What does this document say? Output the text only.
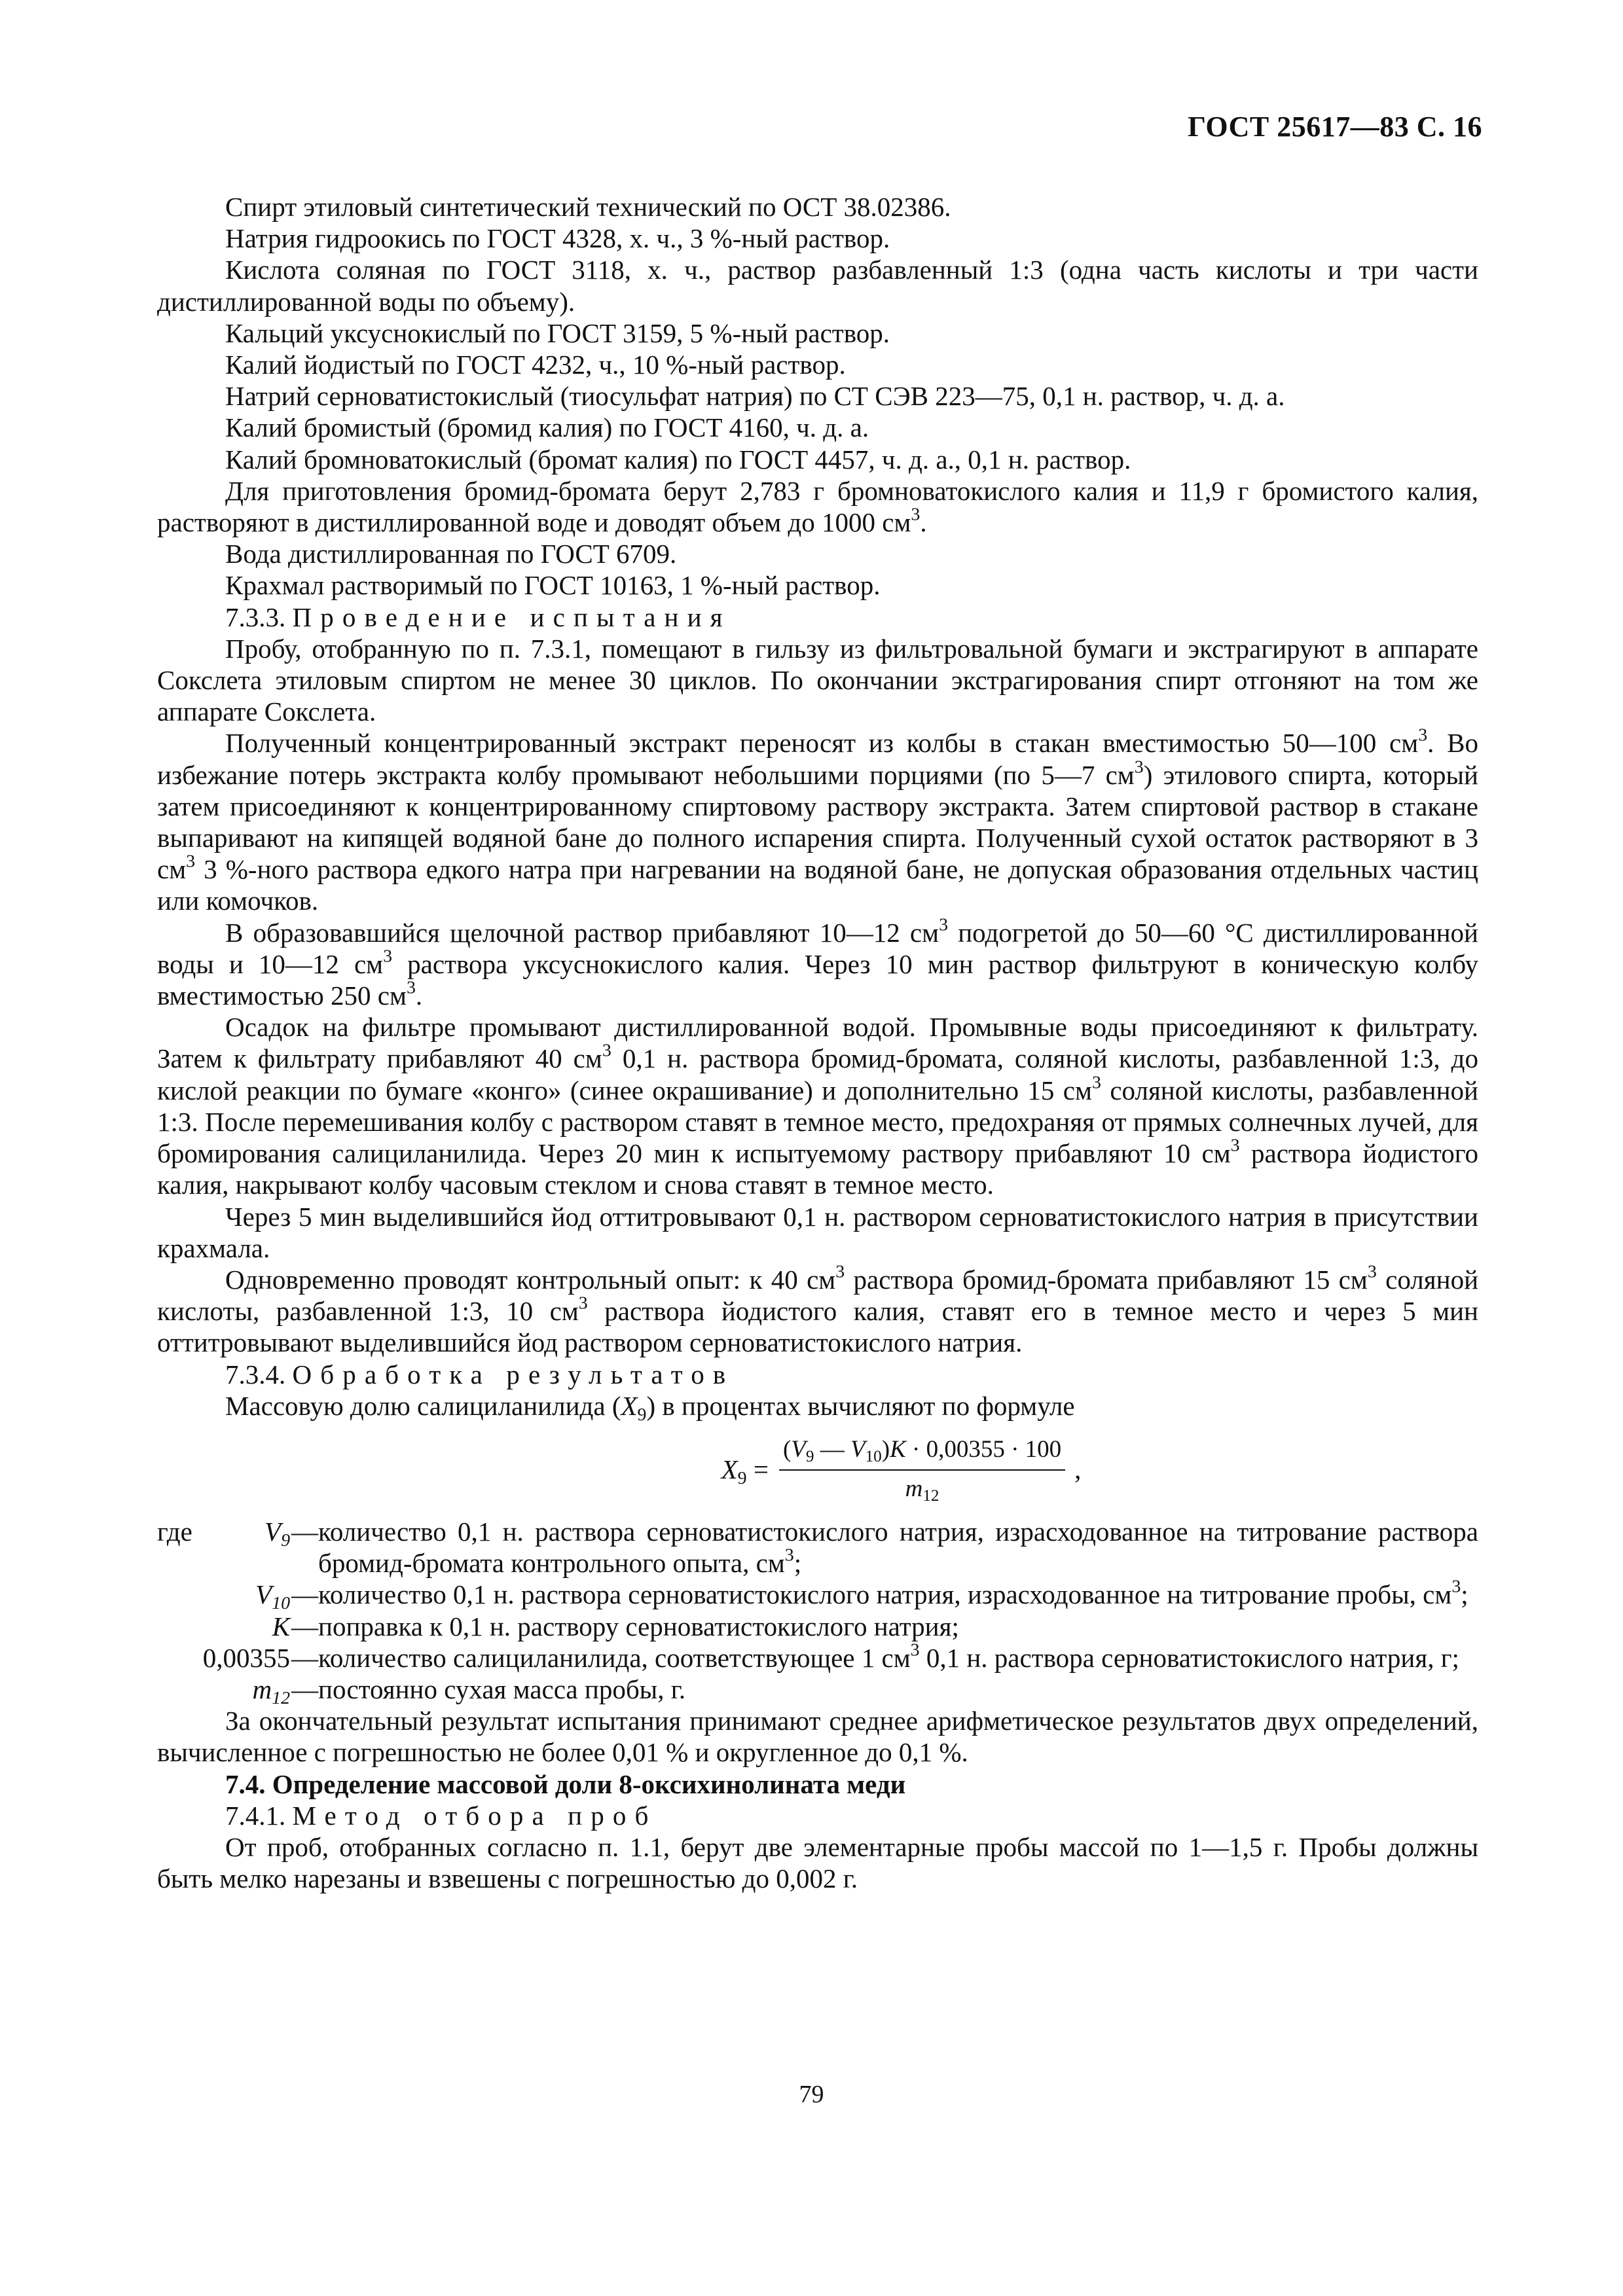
ГОСТ 25617—83 С. 16

Спирт этиловый синтетический технический по ОСТ 38.02386.

Натрия гидроокись по ГОСТ 4328, х. ч., 3 %-ный раствор.

Кислота соляная по ГОСТ 3118, х. ч., раствор разбавленный 1:3 (одна часть кислоты и три части дистиллированной воды по объему).

Кальций уксуснокислый по ГОСТ 3159, 5 %-ный раствор.

Калий йодистый по ГОСТ 4232, ч., 10 %-ный раствор.

Натрий серноватистокислый (тиосульфат натрия) по СТ СЭВ 223—75, 0,1 н. раствор, ч. д. а.

Калий бромистый (бромид калия) по ГОСТ 4160, ч. д. а.

Калий бромноватокислый (бромат калия) по ГОСТ 4457, ч. д. а., 0,1 н. раствор.

Для приготовления бромид-бромата берут 2,783 г бромноватокислого калия и 11,9 г бромистого калия, растворяют в дистиллированной воде и доводят объем до 1000 $см^3$.

Вода дистиллированная по ГОСТ 6709.

Крахмал растворимый по ГОСТ 10163, 1 %-ный раствор.

7.3.3. Проведение испытания

Пробу, отобранную по п. 7.3.1, помещают в гильзу из фильтровальной бумаги и экстрагируют в аппарате Сокслета этиловым спиртом не менее 30 циклов. По окончании экстрагирования спирт отгоняют на том же аппарате Сокслета.

Полученный концентрированный экстракт переносят из колбы в стакан вместимостью 50—100 $см^3$. Во избежание потерь экстракта колбу промывают небольшими порциями (по 5—7 $см^3$) этилового спирта, который затем присоединяют к концентрированному спиртовому раствору экстракта. Затем спиртовой раствор в стакане выпаривают на кипящей водяной бане до полного испарения спирта. Полученный сухой остаток растворяют в 3 $см^3$ 3 %-ного раствора едкого натра при нагревании на водяной бане, не допуская образования отдельных частиц или комочков.

В образовавшийся щелочной раствор прибавляют 10—12 $см^3$ подогретой до 50—60 °С дистиллированной воды и 10—12 $см^3$ раствора уксуснокислого калия. Через 10 мин раствор фильтруют в коническую колбу вместимостью 250 $см^3$.

Осадок на фильтре промывают дистиллированной водой. Промывные воды присоединяют к фильтрату. Затем к фильтрату прибавляют 40 $см^3$ 0,1 н. раствора бромид-бромата, соляной кислоты, разбавленной 1:3, до кислой реакции по бумаге «конго» (синее окрашивание) и дополнительно 15 $см^3$ соляной кислоты, разбавленной 1:3. После перемешивания колбу с раствором ставят в темное место, предохраняя от прямых солнечных лучей, для бромирования салициланилида. Через 20 мин к испытуемому раствору прибавляют 10 $см^3$ раствора йодистого калия, накрывают колбу часовым стеклом и снова ставят в темное место.

Через 5 мин выделившийся йод оттитровывают 0,1 н. раствором серноватистокислого натрия в присутствии крахмала.

Одновременно проводят контрольный опыт: к 40 $см^3$ раствора бромид-бромата прибавляют 15 $см^3$ соляной кислоты, разбавленной 1:3, 10 $см^3$ раствора йодистого калия, ставят его в темное место и через 5 мин оттитровывают выделившийся йод раствором серноватистокислого натрия.

7.3.4. Обработка результатов

Массовую долю салициланилида $(X_9)$ в процентах вычисляют по формуле

$X_9 = \frac{(V_9 — V_{10})K \cdot 0,00355 \cdot 100}{m_{12}}$ ,
где $V_9$	—	количество 0,1 н. раствора серноватистокислого натрия, израсходованное на титрование раствора бромид-бромата контрольного опыта, $см^3$;

$V_{10}$	—	количество 0,1 н. раствора серноватистокислого натрия, израсходованное на титрование пробы, $см^3$;

K	—	поправка к 0,1 н. раствору серноватистокислого натрия;

0,00355	—	количество салициланилида, соответствующее 1 $см^3$ 0,1 н. раствора серноватистокислого натрия, г;

$m_{12}$	—	постоянно сухая масса пробы, г.

За окончательный результат испытания принимают среднее арифметическое результатов двух определений, вычисленное с погрешностью не более 0,01 % и округленное до 0,1 %.

7.4. Определение массовой доли 8-оксихинолината меди

7.4.1. Метод отбора проб

От проб, отобранных согласно п. 1.1, берут две элементарные пробы массой по 1—1,5 г. Пробы должны быть мелко нарезаны и взвешены с погрешностью до 0,002 г.

79
